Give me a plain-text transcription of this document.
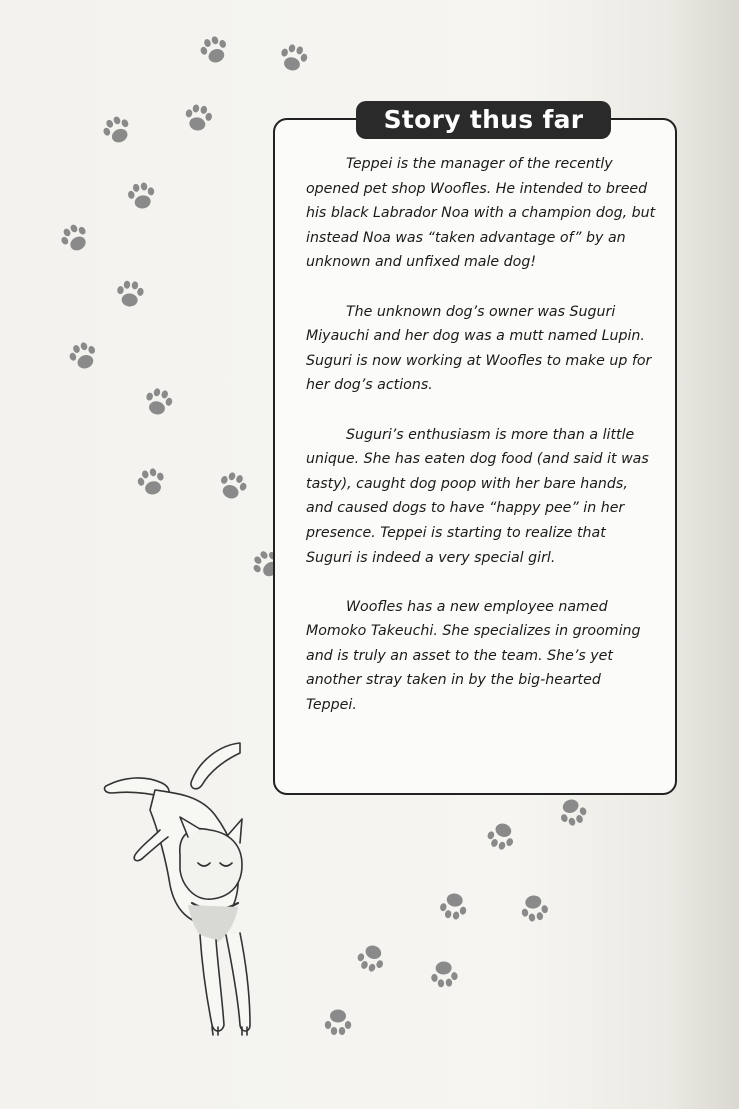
Story thus far

Teppei is the manager of the recently opened pet shop Woofles. He intended to breed his black Labrador Noa with a champion dog, but instead Noa was “taken advantage of” by an unknown and unfixed male dog!

The unknown dog’s owner was Suguri Miyauchi and her dog was a mutt named Lupin. Suguri is now working at Woofles to make up for her dog’s actions.

Suguri’s enthusiasm is more than a little unique. She has eaten dog food (and said it was tasty), caught dog poop with her bare hands, and caused dogs to have “happy pee” in her presence. Teppei is starting to realize that Suguri is indeed a very special girl.

Woofles has a new employee named Momoko Takeuchi. She specializes in grooming and is truly an asset to the team. She’s yet another stray taken in by the big-hearted Teppei.
